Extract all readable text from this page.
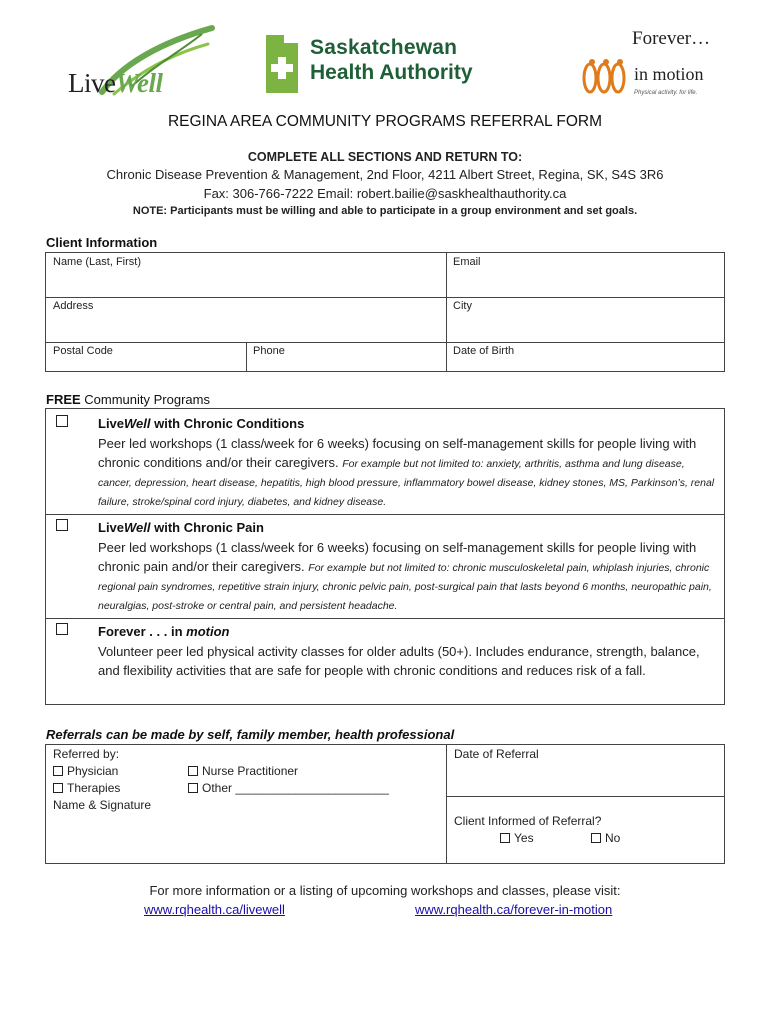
LiveWell
Saskatchewan
Health Authority
Forever…
in motion
Physical activity. for life.
REGINA AREA COMMUNITY PROGRAMS REFERRAL FORM
COMPLETE ALL SECTIONS AND RETURN TO:
Chronic Disease Prevention & Management, 2nd Floor, 4211 Albert Street, Regina, SK, S4S 3R6
Fax: 306-766-7222 Email: robert.bailie@saskhealthauthority.ca
NOTE: Participants must be willing and able to participate in a group environment and set goals.
Client Information
Name (Last, First)	Email
Address	City
Postal Code	Phone	Date of Birth
FREE Community Programs
LiveWell with Chronic Conditions
Peer led workshops (1 class/week for 6 weeks) focusing on self-management skills for people living with chronic conditions and/or their caregivers. For example but not limited to: anxiety, arthritis, asthma and lung disease, cancer, depression, heart disease, hepatitis, high blood pressure, inflammatory bowel disease, kidney stones, MS, Parkinson’s, renal failure, stroke/spinal cord injury, diabetes, and kidney disease.
LiveWell with Chronic Pain
Peer led workshops (1 class/week for 6 weeks) focusing on self-management skills for people living with chronic pain and/or their caregivers. For example but not limited to: chronic musculoskeletal pain, whiplash injuries, chronic regional pain syndromes, repetitive strain injury, chronic pelvic pain, post-surgical pain that lasts beyond 6 months, neuropathic pain, neuralgias, post-stroke or central pain, and persistent headache.
Forever . . . in motion
Volunteer peer led physical activity classes for older adults (50+). Includes endurance, strength, balance, and flexibility activities that are safe for people with chronic conditions and reduces risk of a fall.
Referrals can be made by self, family member, health professional
Referred by:
Physician	Nurse Practitioner
Therapies	Other _______________________
Name & Signature
Date of Referral
Client Informed of Referral?
Yes	No
For more information or a listing of upcoming workshops and classes, please visit:
www.rqhealth.ca/livewell	www.rqhealth.ca/forever-in-motion
